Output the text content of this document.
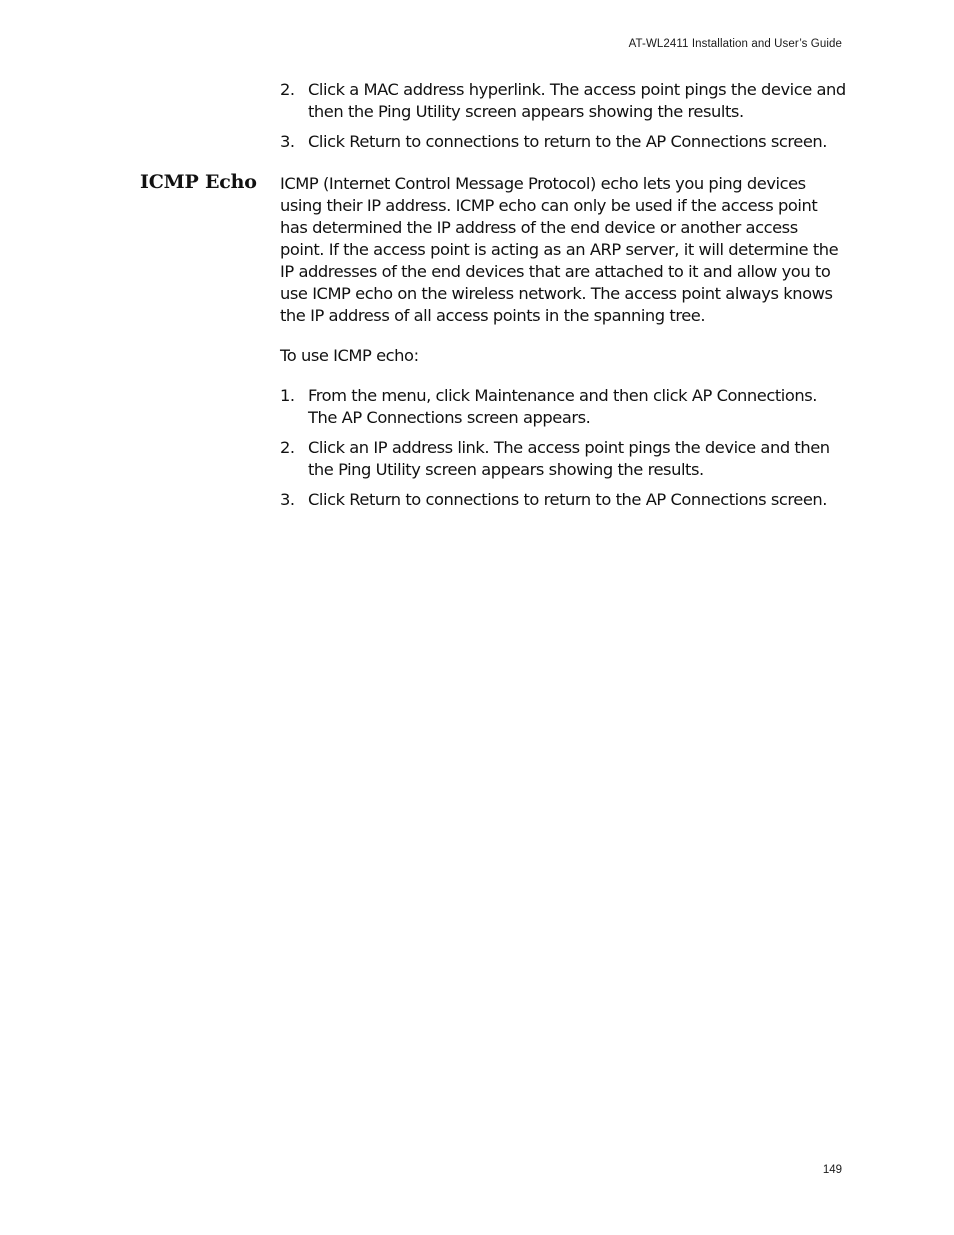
AT-WL2411 Installation and User’s Guide
2. Click a MAC address hyperlink. The access point pings the device and then the Ping Utility screen appears showing the results.
3. Click Return to connections to return to the AP Connections screen.
ICMP Echo ICMP (Internet Control Message Protocol) echo lets you ping devices using their IP address. ICMP echo can only be used if the access point has determined the IP address of the end device or another access point. If the access point is acting as an ARP server, it will determine the IP addresses of the end devices that are attached to it and allow you to use ICMP echo on the wireless network. The access point always knows the IP address of all access points in the spanning tree.

To use ICMP echo:

1. From the menu, click Maintenance and then click AP Connections. The AP Connections screen appears.
2. Click an IP address link. The access point pings the device and then the Ping Utility screen appears showing the results.
3. Click Return to connections to return to the AP Connections screen.
149
